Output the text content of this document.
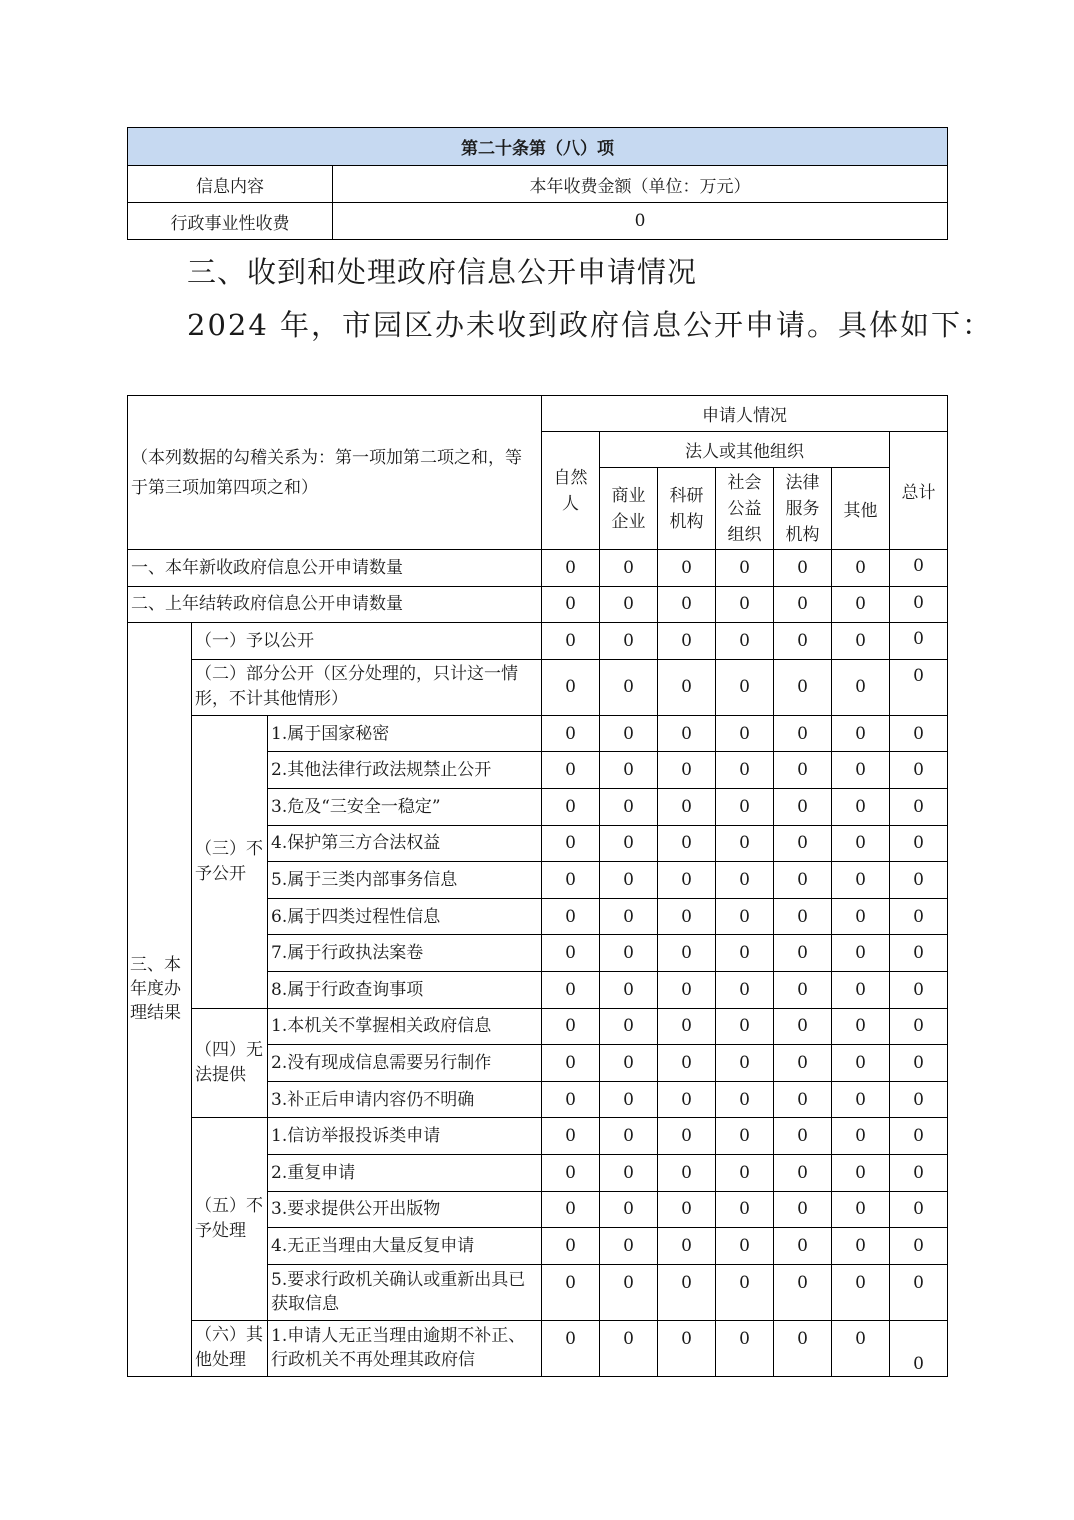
第二十条第（八）项	
信息内容	本年收费金额（单位：万元）
行政事业性收费	0
三、收到和处理政府信息公开申请情况
2024 年，市园区办未收到政府信息公开申请。具体如下：
（本列数据的勾稽关系为：第一项加第二项之和，等于第三项加第四项之和）			申请人情况						
			自然人	法人或其他组织					总计
				商业企业	科研机构	社会公益组织	法律服务机构	其他	
一、本年新收政府信息公开申请数量			0	0	0	0	0	0	0
二、上年结转政府信息公开申请数量			0	0	0	0	0	0	0
三、本年度办理结果	（一）予以公开		0	0	0	0	0	0	0
	（二）部分公开（区分处理的，只计这一情形，不计其他情形）		0	0	0	0	0	0	0
	（三）不予公开	1.属于国家秘密	0	0	0	0	0	0	0
		2.其他法律行政法规禁止公开	0	0	0	0	0	0	0
		3.危及“三安全一稳定”	0	0	0	0	0	0	0
		4.保护第三方合法权益	0	0	0	0	0	0	0
		5.属于三类内部事务信息	0	0	0	0	0	0	0
		6.属于四类过程性信息	0	0	0	0	0	0	0
		7.属于行政执法案卷	0	0	0	0	0	0	0
		8.属于行政查询事项	0	0	0	0	0	0	0
	（四）无法提供	1.本机关不掌握相关政府信息	0	0	0	0	0	0	0
		2.没有现成信息需要另行制作	0	0	0	0	0	0	0
		3.补正后申请内容仍不明确	0	0	0	0	0	0	0
	（五）不予处理	1.信访举报投诉类申请	0	0	0	0	0	0	0
		2.重复申请	0	0	0	0	0	0	0
		3.要求提供公开出版物	0	0	0	0	0	0	0
		4.无正当理由大量反复申请	0	0	0	0	0	0	0
		5.要求行政机关确认或重新出具已获取信息	0	0	0	0	0	0	0
	（六）其他处理	1.申请人无正当理由逾期不补正、行政机关不再处理其政府信	0	0	0	0	0	0	0
